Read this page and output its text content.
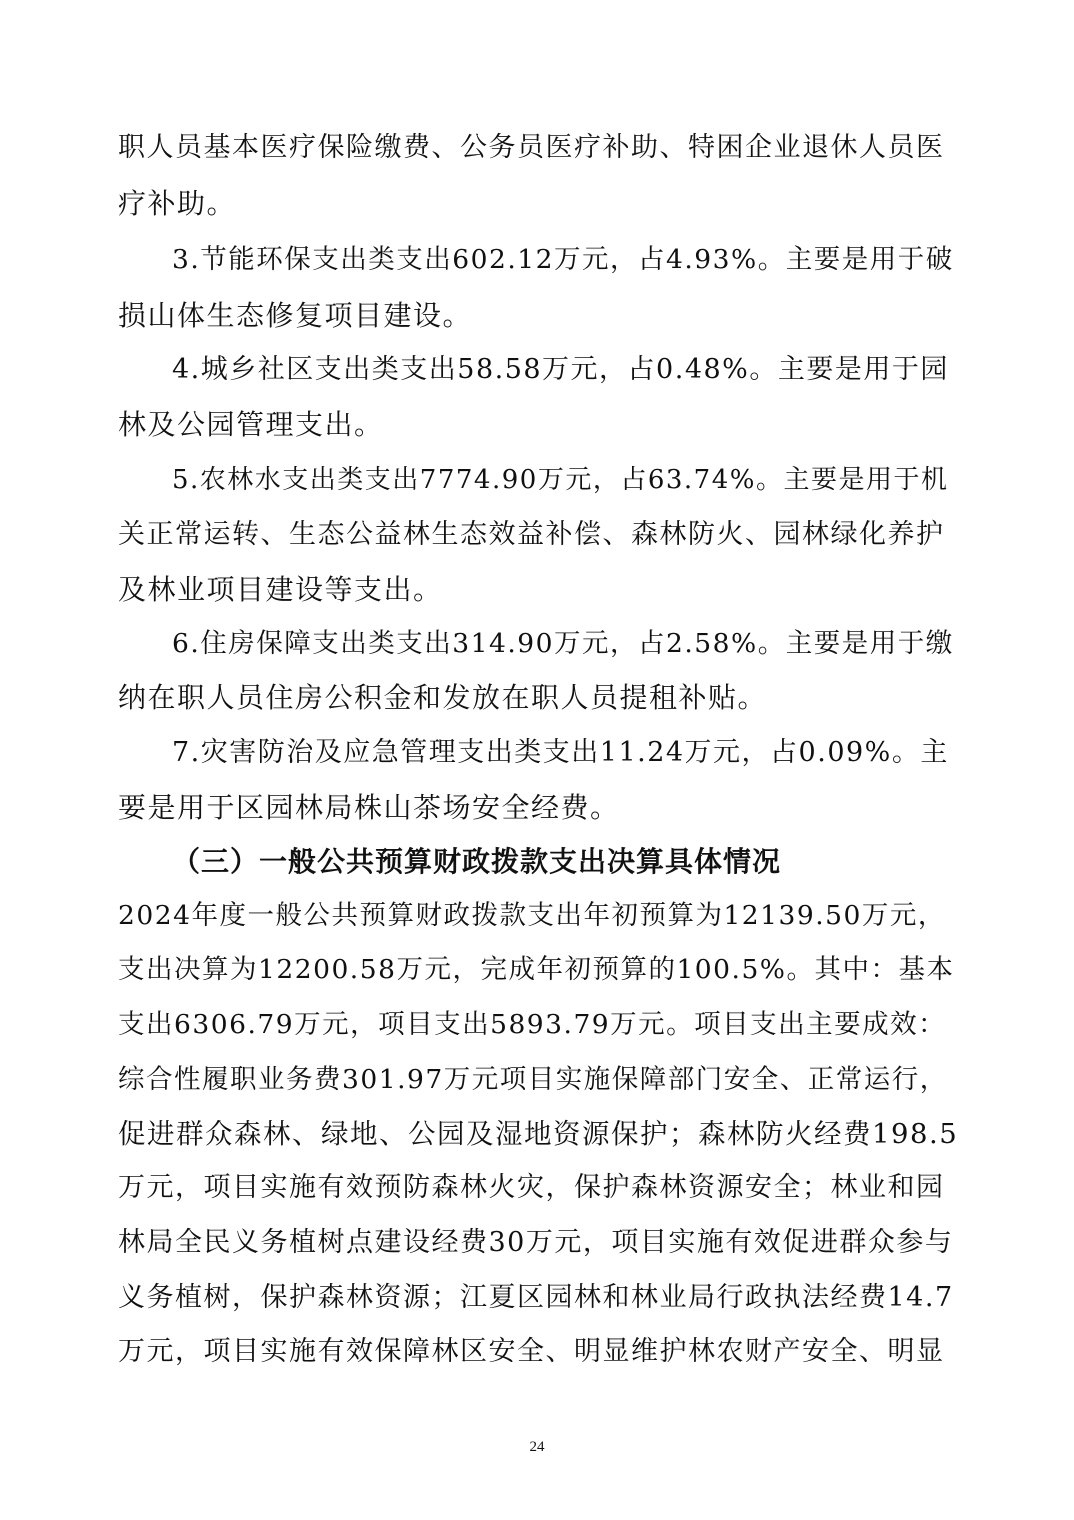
职人员基本医疗保险缴费、公务员医疗补助、特困企业退休人员医
疗补助。
3.节能环保支出类支出602.12万元，占4.93%。主要是用于破
损山体生态修复项目建设。
4.城乡社区支出类支出58.58万元，占0.48%。主要是用于园
林及公园管理支出。
5.农林水支出类支出7774.90万元，占63.74%。主要是用于机
关正常运转、生态公益林生态效益补偿、森林防火、园林绿化养护
及林业项目建设等支出。
6.住房保障支出类支出314.90万元，占2.58%。主要是用于缴
纳在职人员住房公积金和发放在职人员提租补贴。
7.灾害防治及应急管理支出类支出11.24万元，占0.09%。主
要是用于区园林局株山茶场安全经费。
（三）一般公共预算财政拨款支出决算具体情况
2024年度一般公共预算财政拨款支出年初预算为12139.50万元，
支出决算为12200.58万元，完成年初预算的100.5%。其中：基本
支出6306.79万元，项目支出5893.79万元。项目支出主要成效：
综合性履职业务费301.97万元项目实施保障部门安全、正常运行，
促进群众森林、绿地、公园及湿地资源保护；森林防火经费198.5
万元，项目实施有效预防森林火灾，保护森林资源安全；林业和园
林局全民义务植树点建设经费30万元，项目实施有效促进群众参与
义务植树，保护森林资源；江夏区园林和林业局行政执法经费14.7
万元，项目实施有效保障林区安全、明显维护林农财产安全、明显
24
